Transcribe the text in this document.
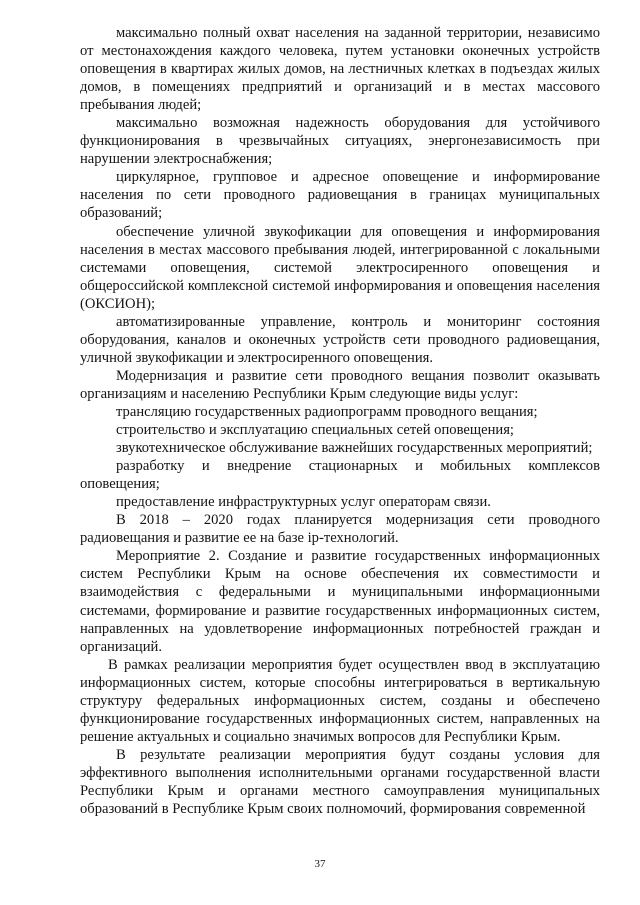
максимально полный охват населения на заданной территории, независимо от местонахождения каждого человека, путем установки оконечных устройств оповещения в квартирах жилых домов, на лестничных клетках в подъездах жилых домов, в помещениях предприятий и организаций и в местах массового пребывания людей;

максимально возможная надежность оборудования для устойчивого функционирования в чрезвычайных ситуациях, энергонезависимость при нарушении электроснабжения;

циркулярное, групповое и адресное оповещение и информирование населения по сети проводного радиовещания в границах муниципальных образований;

обеспечение уличной звукофикации для оповещения и информирования населения в местах массового пребывания людей, интегрированной с локальными системами оповещения, системой электросиренного оповещения и общероссийской комплексной системой информирования и оповещения населения (ОКСИОН);

автоматизированные управление, контроль и мониторинг состояния оборудования, каналов и оконечных устройств сети проводного радиовещания, уличной звукофикации и электросиренного оповещения.

Модернизация и развитие сети проводного вещания позволит оказывать организациям и населению Республики Крым следующие виды услуг:

трансляцию государственных радиопрограмм проводного вещания;

строительство и эксплуатацию специальных сетей оповещения;

звукотехническое обслуживание важнейших государственных мероприятий;

разработку и внедрение стационарных и мобильных комплексов оповещения;

предоставление инфраструктурных услуг операторам связи.

В 2018 – 2020 годах планируется модернизация сети проводного радиовещания и развитие ее на базе ip-технологий.

Мероприятие 2. Создание и развитие государственных информационных систем Республики Крым на основе обеспечения их совместимости и взаимодействия с федеральными и муниципальными информационными системами, формирование и развитие государственных информационных систем, направленных на удовлетворение информационных потребностей граждан и организаций.

В рамках реализации мероприятия будет осуществлен ввод в эксплуатацию информационных систем, которые способны интегрироваться в вертикальную структуру федеральных информационных систем, созданы и обеспечено функционирование государственных информационных систем, направленных на решение актуальных и социально значимых вопросов для Республики Крым.

В результате реализации мероприятия будут созданы условия для эффективного выполнения исполнительными органами государственной власти Республики Крым и органами местного самоуправления муниципальных образований в Республике Крым своих полномочий, формирования современной

37
